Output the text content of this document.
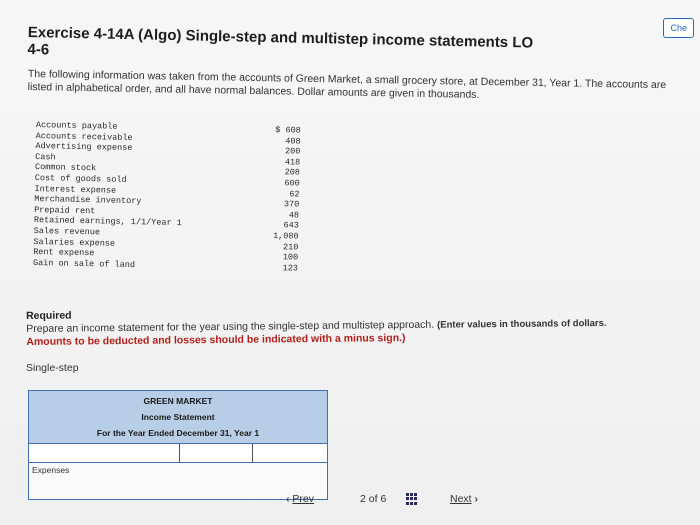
Che
Exercise 4-14A (Algo) Single-step and multistep income statements LO 4-6
The following information was taken from the accounts of Green Market, a small grocery store, at December 31, Year 1. The accounts are listed in alphabetical order, and all have normal balances. Dollar amounts are given in thousands.
Accounts payable	$ 608
Accounts receivable	408
Advertising expense	200
Cash	418
Common stock	208
Cost of goods sold	600
Interest expense	62
Merchandise inventory	370
Prepaid rent	48
Retained earnings, 1/1/Year 1	643
Sales revenue	1,080
Salaries expense	210
Rent expense	100
Gain on sale of land	123
Required
Prepare an income statement for the year using the single-step and multistep approach. (Enter values in thousands of dollars.
Amounts to be deducted and losses should be indicated with a minus sign.)
Single-step
GREEN MARKET
Income Statement
For the Year Ended December 31, Year 1
Expenses
‹ Prev	2 of 6	Next ›
